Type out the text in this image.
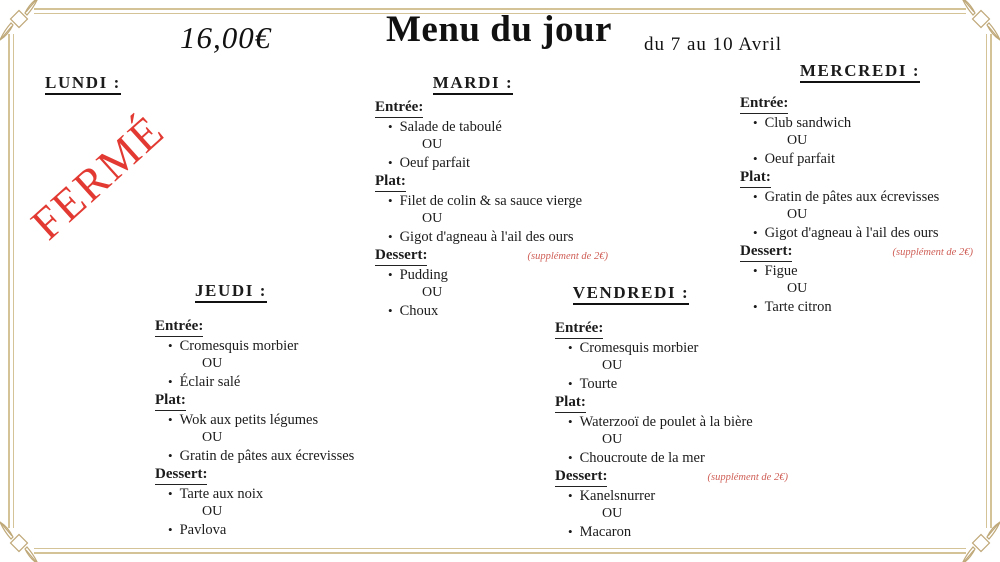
16,00€	Menu du jour du 7 au 10 Avril
LUNDI :	MARDI :
Entrée:
• Salade de taboulé
OU
• Oeuf parfait
Plat:
• Filet de colin & sa sauce vierge
OU
• Gigot d'agneau à l'ail des ours
Dessert:	(supplément de 2€)
• Pudding
OU
• Choux
MERCREDI :
Entrée:
• Club sandwich
OU
• Oeuf parfait
Plat:
• Gratin de pâtes aux écrevisses
OU
• Gigot d'agneau à l'ail des ours
Dessert:	(supplément de 2€)
• Figue
OU
• Tarte citron
JEUDI :
Entrée:
• Cromesquis morbier
OU
• Éclair salé
Plat:
• Wok aux petits légumes
OU
• Gratin de pâtes aux écrevisses
Dessert:
• Tarte aux noix
OU
• Pavlova
VENDREDI :
Entrée:
• Cromesquis morbier
OU
• Tourte
Plat:
• Waterzooï de poulet à la bière
OU
• Choucroute de la mer
Dessert:	(supplément de 2€)
• Kanelsnurrer
OU
• Macaron
FERMÉ
